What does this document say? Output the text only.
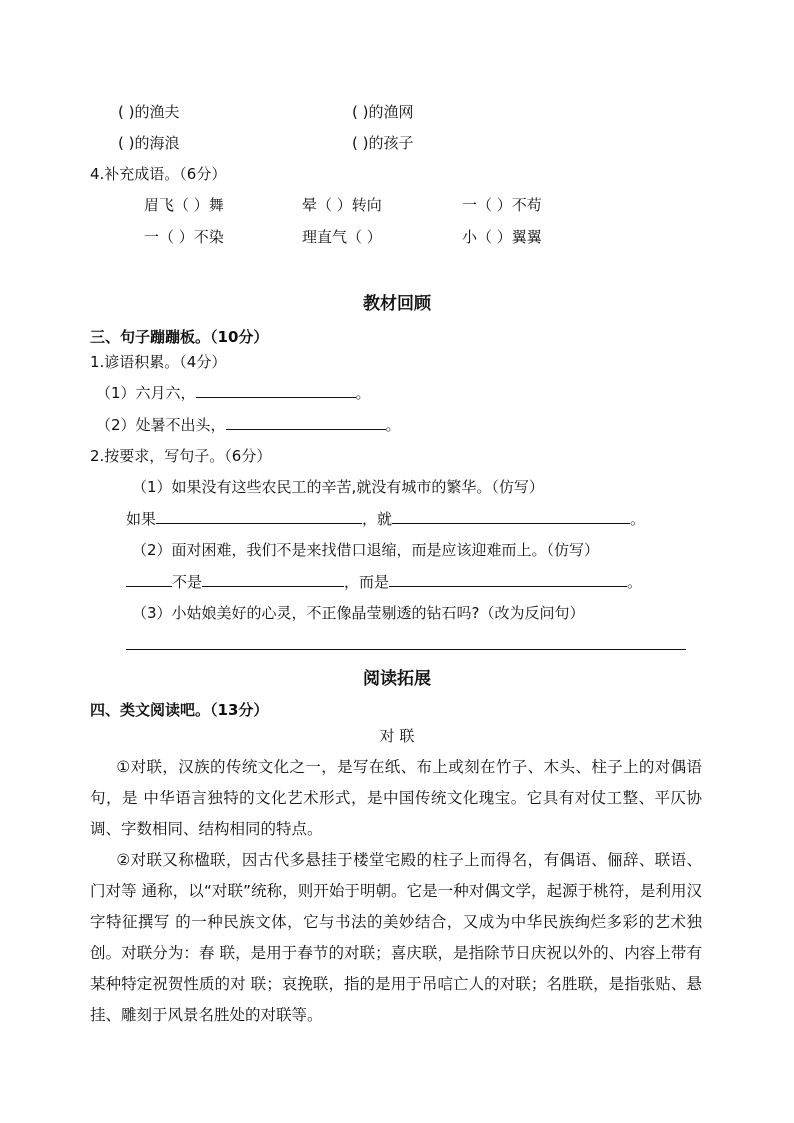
( )的渔夫	( )的渔网
( )的海浪	( )的孩子
4.补充成语。（6分）
眉飞（ ）舞	晕（ ）转向	一（ ）不苟
一（ ）不染	理直气（ ）	小（ ）翼翼
教材回顾
三、句子蹦蹦板。（10分）
1.谚语积累。（4分）
（1）六月六，	。
（2）处暑不出头，	。
2.按要求，写句子。（6分）
（1）如果没有这些农民工的辛苦,就没有城市的繁华。（仿写）
如果	，就	。
（2）面对困难，我们不是来找借口退缩，而是应该迎难而上。（仿写）
不是	，而是	。
（3）小姑娘美好的心灵，不正像晶莹剔透的钻石吗?（改为反问句）
阅读拓展
四、类文阅读吧。（13分）
对 联
①对联，汉族的传统文化之一，是写在纸、布上或刻在竹子、木头、柱子上的对偶语句，是 中华语言独特的文化艺术形式，是中国传统文化瑰宝。它具有对仗工整、平仄协调、字数相同、结构相同的特点。
②对联又称楹联，因古代多悬挂于楼堂宅殿的柱子上而得名，有偶语、俪辞、联语、门对等 通称，以“对联”统称，则开始于明朝。它是一种对偶文学，起源于桃符，是利用汉字特征撰写 的一种民族文体，它与书法的美妙结合，又成为中华民族绚烂多彩的艺术独创。对联分为：春 联，是用于春节的对联；喜庆联，是指除节日庆祝以外的、内容上带有某种特定祝贺性质的对 联；哀挽联，指的是用于吊唁亡人的对联；名胜联，是指张贴、悬挂、雕刻于风景名胜处的对联等。
